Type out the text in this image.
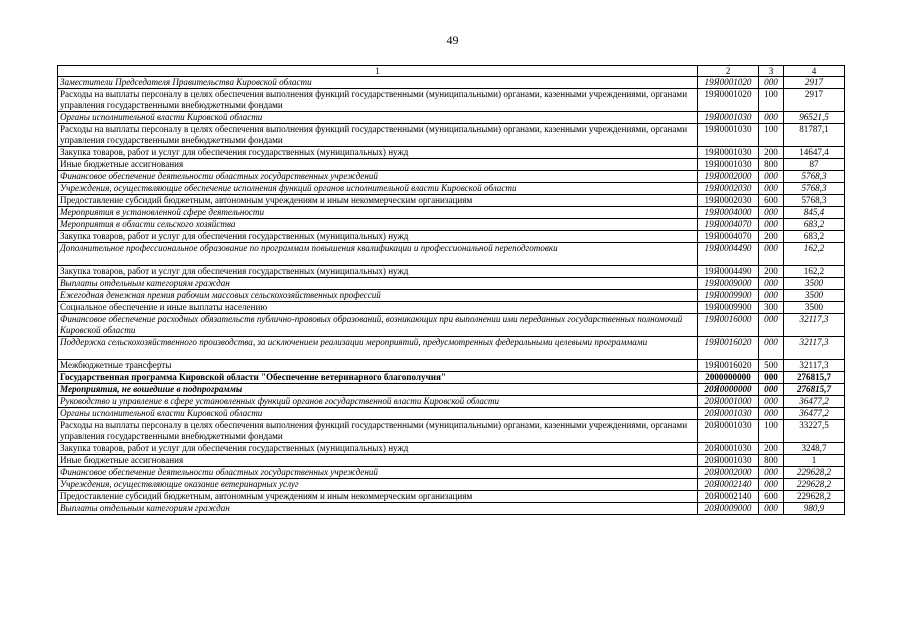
49
1	2	3	4
Заместители Председателя Правительства Кировской области	19Я0001020	000	2917
Расходы на выплаты персоналу в целях обеспечения выполнения функций государственными (муниципальными) органами, казенными учреждениями, органами управления государственными внебюджетными фондами	19Я0001020	100	2917
Органы исполнительной власти Кировской области	19Я0001030	000	96521,5
Расходы на выплаты персоналу в целях обеспечения выполнения функций государственными (муниципальными) органами, казенными учреждениями, органами управления государственными внебюджетными фондами	19Я0001030	100	81787,1
Закупка товаров, работ и услуг для обеспечения государственных (муниципальных) нужд	19Я0001030	200	14647,4
Иные бюджетные ассигнования	19Я0001030	800	87
Финансовое обеспечение деятельности областных государственных учреждений	19Я0002000	000	5768,3
Учреждения, осуществляющие обеспечение исполнения функций органов исполнительной власти Кировской области	19Я0002030	000	5768,3
Предоставление субсидий бюджетным, автономным учреждениям и иным некоммерческим организациям	19Я0002030	600	5768,3
Мероприятия в установленной сфере деятельности	19Я0004000	000	845,4
Мероприятия в области сельского хозяйства	19Я0004070	000	683,2
Закупка товаров, работ и услуг для обеспечения государственных (муниципальных) нужд	19Я0004070	200	683,2
Дополнительное профессиональное образование по программам повышения квалификации и профессиональной переподготовки	19Я0004490	000	162,2
Закупка товаров, работ и услуг для обеспечения государственных (муниципальных) нужд	19Я0004490	200	162,2
Выплаты отдельным категориям граждан	19Я0009000	000	3500
Ежегодная денежная премия рабочим массовых сельскохозяйственных профессий	19Я0009900	000	3500
Социальное обеспечение и иные выплаты населению	19Я0009900	300	3500
Финансовое обеспечение расходных обязательств публично-правовых образований, возникающих при выполнении ими переданных государственных полномочий Кировской области	19Я0016000	000	32117,3
Поддержка сельскохозяйственного производства, за исключением реализации мероприятий, предусмотренных федеральными целевыми программами	19Я0016020	000	32117,3
Межбюджетные трансферты	19Я0016020	500	32117,3
Государственная программа Кировской области "Обеспечение ветеринарного благополучия"	2000000000	000	276815,7
Мероприятия, не вошедшие в подпрограммы	20Я0000000	000	276815,7
Руководство и управление в сфере установленных функций органов государственной власти Кировской области	20Я0001000	000	36477,2
Органы исполнительной власти Кировской области	20Я0001030	000	36477,2
Расходы на выплаты персоналу в целях обеспечения выполнения функций государственными (муниципальными) органами, казенными учреждениями, органами управления государственными внебюджетными фондами	20Я0001030	100	33227,5
Закупка товаров, работ и услуг для обеспечения государственных (муниципальных) нужд	20Я0001030	200	3248,7
Иные бюджетные ассигнования	20Я0001030	800	1
Финансовое обеспечение деятельности областных государственных учреждений	20Я0002000	000	229628,2
Учреждения, осуществляющие оказание ветеринарных услуг	20Я0002140	000	229628,2
Предоставление субсидий бюджетным, автономным учреждениям и иным некоммерческим организациям	20Я0002140	600	229628,2
Выплаты отдельным категориям граждан	20Я0009000	000	980,9
